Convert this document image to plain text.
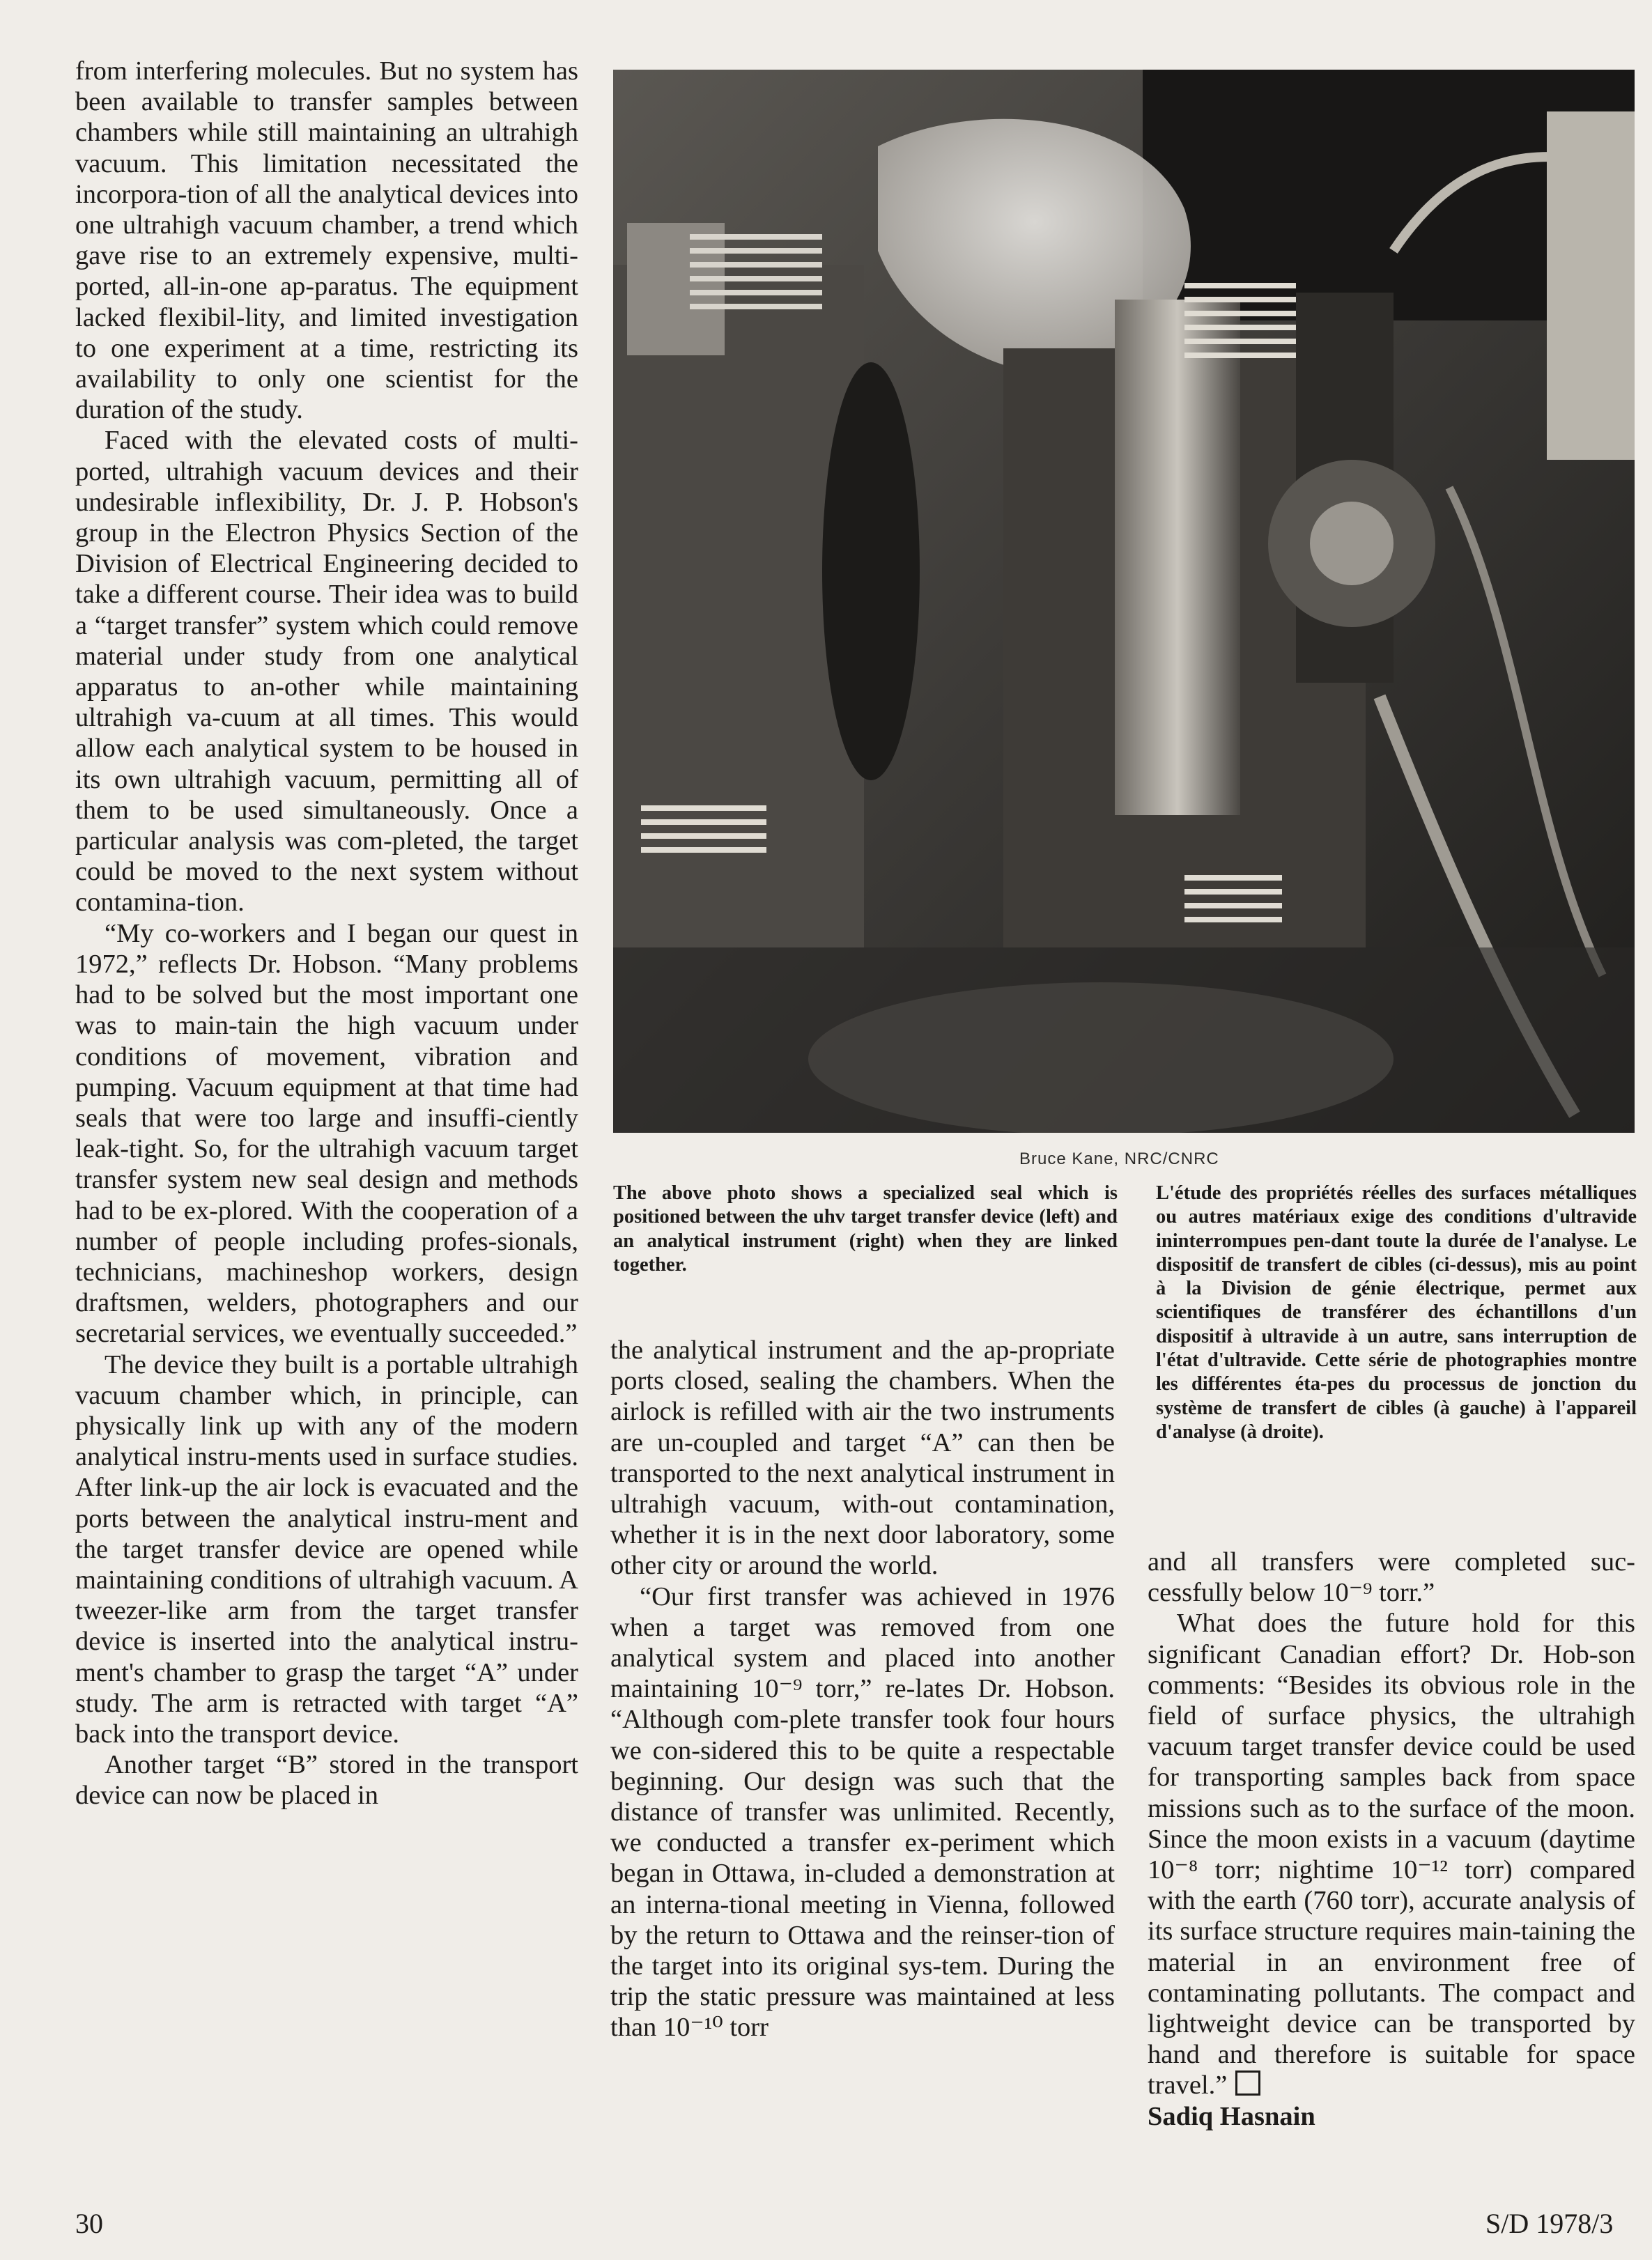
from interfering molecules. But no system has been available to transfer samples between chambers while still maintaining an ultrahigh vacuum. This limitation necessitated the incorpora-tion of all the analytical devices into one ultrahigh vacuum chamber, a trend which gave rise to an extremely expensive, multi-ported, all-in-one ap-paratus. The equipment lacked flexibil-lity, and limited investigation to one experiment at a time, restricting its availability to only one scientist for the duration of the study.

Faced with the elevated costs of multi-ported, ultrahigh vacuum devices and their undesirable inflexibility, Dr. J. P. Hobson's group in the Electron Physics Section of the Division of Electrical Engineering decided to take a different course. Their idea was to build a “target transfer” system which could remove material under study from one analytical apparatus to an-other while maintaining ultrahigh va-cuum at all times. This would allow each analytical system to be housed in its own ultrahigh vacuum, permitting all of them to be used simultaneously. Once a particular analysis was com-pleted, the target could be moved to the next system without contamina-tion.

“My co-workers and I began our quest in 1972,” reflects Dr. Hobson. “Many problems had to be solved but the most important one was to main-tain the high vacuum under conditions of movement, vibration and pumping. Vacuum equipment at that time had seals that were too large and insuffi-ciently leak-tight. So, for the ultrahigh vacuum target transfer system new seal design and methods had to be ex-plored. With the cooperation of a number of people including profes-sionals, technicians, machineshop workers, design draftsmen, welders, photographers and our secretarial services, we eventually succeeded.”

The device they built is a portable ultrahigh vacuum chamber which, in principle, can physically link up with any of the modern analytical instru-ments used in surface studies. After link-up the air lock is evacuated and the ports between the analytical instru-ment and the target transfer device are opened while maintaining conditions of ultrahigh vacuum. A tweezer-like arm from the target transfer device is inserted into the analytical instru-ment's chamber to grasp the target “A” under study. The arm is retracted with target “A” back into the transport device.

Another target “B” stored in the transport device can now be placed in

Bruce Kane, NRC/CNRC
The above photo shows a specialized seal which is positioned between the uhv target transfer device (left) and an analytical instrument (right) when they are linked together.
L'étude des propriétés réelles des surfaces métalliques ou autres matériaux exige des conditions d'ultravide ininterrompues pen-dant toute la durée de l'analyse. Le dispositif de transfert de cibles (ci-dessus), mis au point à la Division de génie électrique, permet aux scientifiques de transférer des échantillons d'un dispositif à ultravide à un autre, sans interruption de l'état d'ultravide. Cette série de photographies montre les différentes éta-pes du processus de jonction du système de transfert de cibles (à gauche) à l'appareil d'analyse (à droite).

the analytical instrument and the ap-propriate ports closed, sealing the chambers. When the airlock is refilled with air the two instruments are un-coupled and target “A” can then be transported to the next analytical instrument in ultrahigh vacuum, with-out contamination, whether it is in the next door laboratory, some other city or around the world.

“Our first transfer was achieved in 1976 when a target was removed from one analytical system and placed into another maintaining 10⁻⁹ torr,” re-lates Dr. Hobson. “Although com-plete transfer took four hours we con-sidered this to be quite a respectable beginning. Our design was such that the distance of transfer was unlimited. Recently, we conducted a transfer ex-periment which began in Ottawa, in-cluded a demonstration at an interna-tional meeting in Vienna, followed by the return to Ottawa and the reinser-tion of the target into its original sys-tem. During the trip the static pressure was maintained at less than 10⁻¹⁰ torr

and all transfers were completed suc-cessfully below 10⁻⁹ torr.”

What does the future hold for this significant Canadian effort? Dr. Hob-son comments: “Besides its obvious role in the field of surface physics, the ultrahigh vacuum target transfer device could be used for transporting samples back from space missions such as to the surface of the moon. Since the moon exists in a vacuum (daytime 10⁻⁸ torr; nightime 10⁻¹² torr) compared with the earth (760 torr), accurate analysis of its surface structure requires main-taining the material in an environment free of contaminating pollutants. The compact and lightweight device can be transported by hand and therefore is suitable for space travel.”

Sadiq Hasnain

30	S/D 1978/3
